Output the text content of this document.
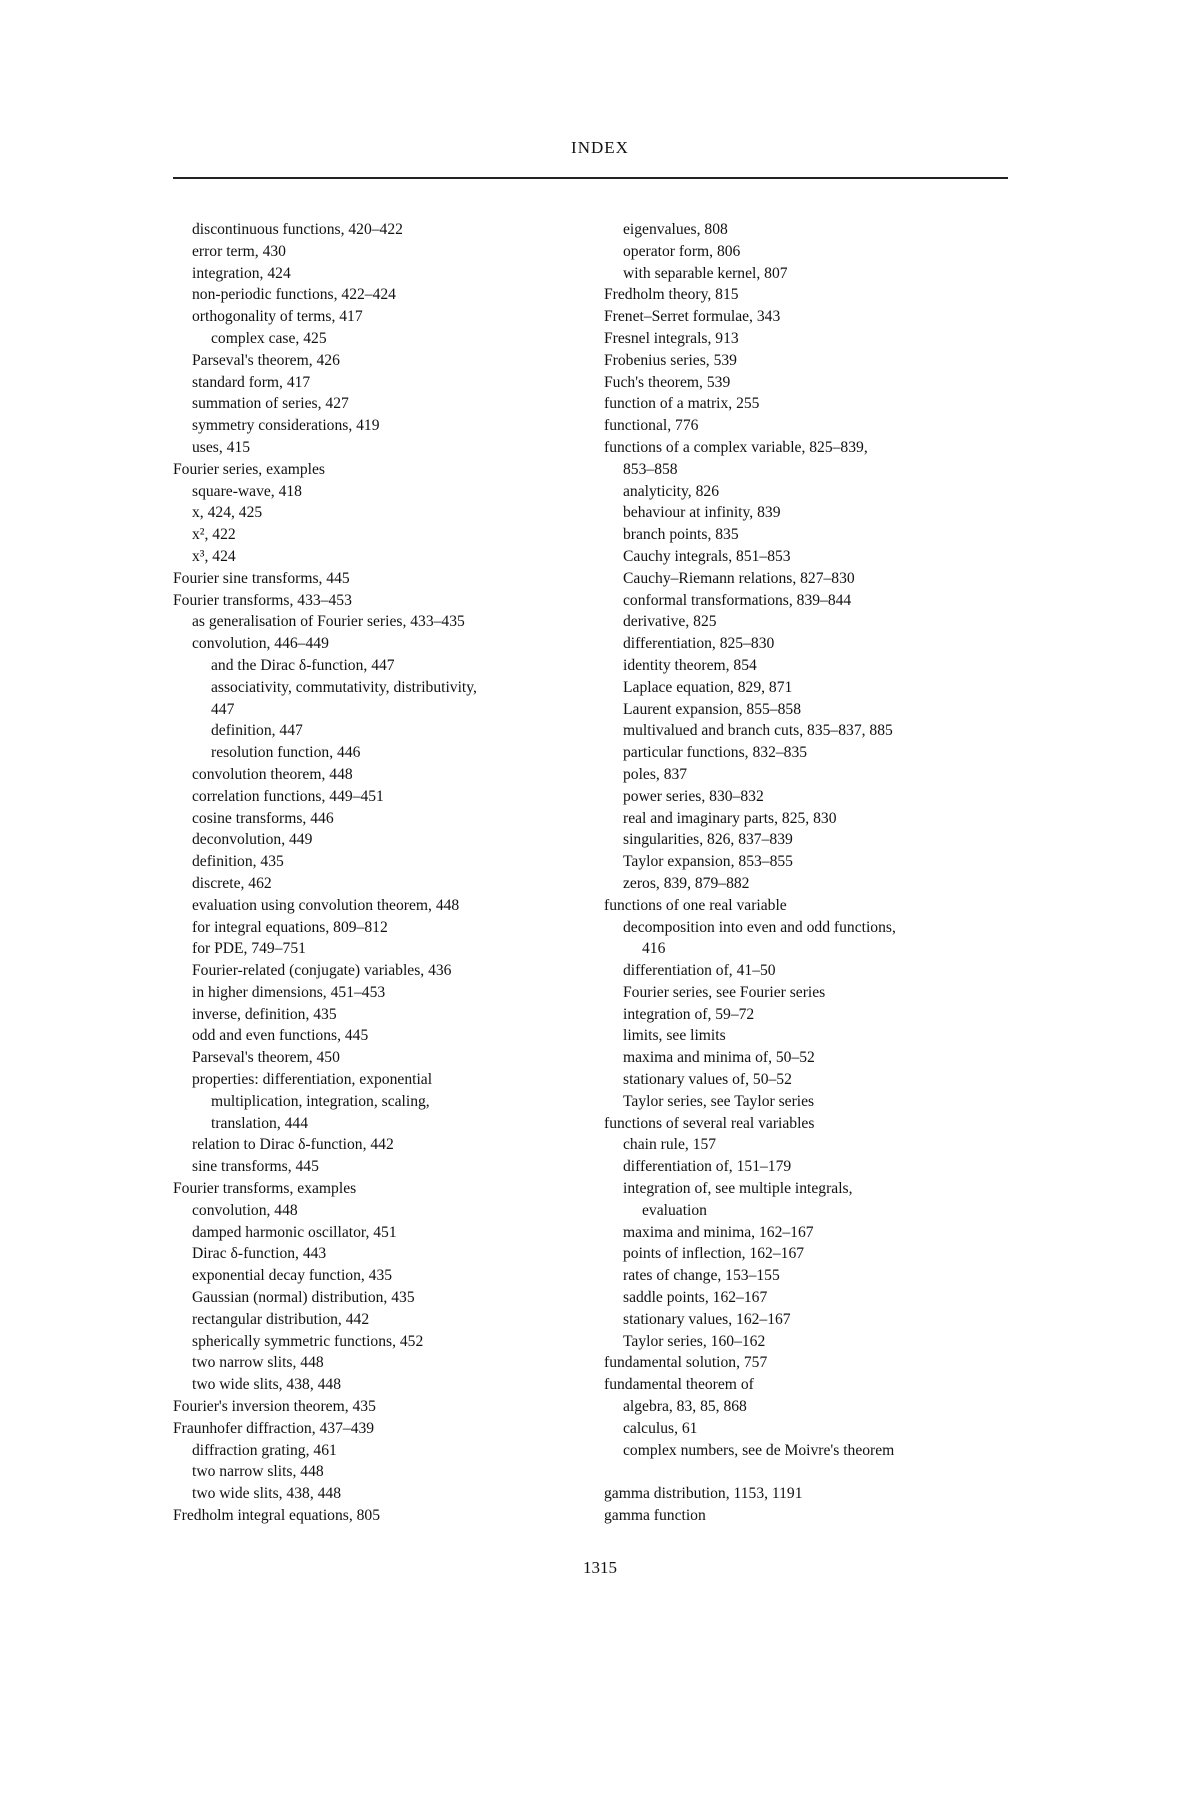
INDEX
discontinuous functions, 420–422
error term, 430
integration, 424
non-periodic functions, 422–424
orthogonality of terms, 417
complex case, 425
Parseval's theorem, 426
standard form, 417
summation of series, 427
symmetry considerations, 419
uses, 415
Fourier series, examples
square-wave, 418
x, 424, 425
x², 422
x³, 424
Fourier sine transforms, 445
Fourier transforms, 433–453
as generalisation of Fourier series, 433–435
convolution, 446–449
and the Dirac δ-function, 447
associativity, commutativity, distributivity,
447
definition, 447
resolution function, 446
convolution theorem, 448
correlation functions, 449–451
cosine transforms, 446
deconvolution, 449
definition, 435
discrete, 462
evaluation using convolution theorem, 448
for integral equations, 809–812
for PDE, 749–751
Fourier-related (conjugate) variables, 436
in higher dimensions, 451–453
inverse, definition, 435
odd and even functions, 445
Parseval's theorem, 450
properties: differentiation, exponential
multiplication, integration, scaling,
translation, 444
relation to Dirac δ-function, 442
sine transforms, 445
Fourier transforms, examples
convolution, 448
damped harmonic oscillator, 451
Dirac δ-function, 443
exponential decay function, 435
Gaussian (normal) distribution, 435
rectangular distribution, 442
spherically symmetric functions, 452
two narrow slits, 448
two wide slits, 438, 448
Fourier's inversion theorem, 435
Fraunhofer diffraction, 437–439
diffraction grating, 461
two narrow slits, 448
two wide slits, 438, 448
Fredholm integral equations, 805
eigenvalues, 808
operator form, 806
with separable kernel, 807
Fredholm theory, 815
Frenet–Serret formulae, 343
Fresnel integrals, 913
Frobenius series, 539
Fuch's theorem, 539
function of a matrix, 255
functional, 776
functions of a complex variable, 825–839,
853–858
analyticity, 826
behaviour at infinity, 839
branch points, 835
Cauchy integrals, 851–853
Cauchy–Riemann relations, 827–830
conformal transformations, 839–844
derivative, 825
differentiation, 825–830
identity theorem, 854
Laplace equation, 829, 871
Laurent expansion, 855–858
multivalued and branch cuts, 835–837, 885
particular functions, 832–835
poles, 837
power series, 830–832
real and imaginary parts, 825, 830
singularities, 826, 837–839
Taylor expansion, 853–855
zeros, 839, 879–882
functions of one real variable
decomposition into even and odd functions,
416
differentiation of, 41–50
Fourier series, see Fourier series
integration of, 59–72
limits, see limits
maxima and minima of, 50–52
stationary values of, 50–52
Taylor series, see Taylor series
functions of several real variables
chain rule, 157
differentiation of, 151–179
integration of, see multiple integrals,
evaluation
maxima and minima, 162–167
points of inflection, 162–167
rates of change, 153–155
saddle points, 162–167
stationary values, 162–167
Taylor series, 160–162
fundamental solution, 757
fundamental theorem of
algebra, 83, 85, 868
calculus, 61
complex numbers, see de Moivre's theorem
gamma distribution, 1153, 1191
gamma function
1315
